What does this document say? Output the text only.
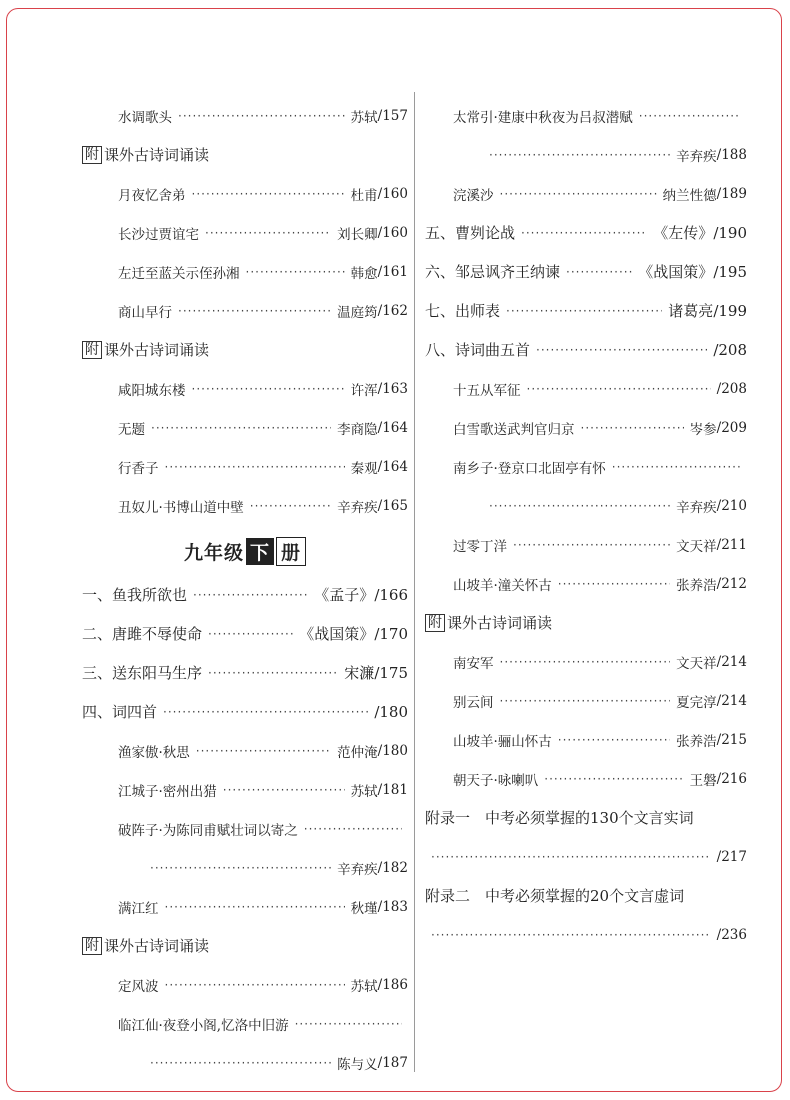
水调歌头 ·····	苏轼 /157
附 课外古诗词诵读
月夜忆舍弟 ·····	杜甫 /160
长沙过贾谊宅 ·····	刘长卿 /160
左迁至蓝关示侄孙湘 ·····	韩愈 /161
商山早行 ·····	温庭筠 /162
附 课外古诗词诵读
咸阳城东楼 ·····	许浑 /163
无题 ·····	李商隐 /164
行香子 ·····	秦观 /164
丑奴儿·书博山道中壁 ·····	辛弃疾 /165
九年级 下 册
一、鱼我所欲也 ·····	《孟子》 /166
二、唐雎不辱使命 ·····	《战国策》 /170
三、送东阳马生序 ·····	宋濂 /175
四、词四首 ·····	/180
渔家傲·秋思 ·····	范仲淹 /180
江城子·密州出猎 ·····	苏轼 /181
破阵子·为陈同甫赋壮词以寄之
·····
·····
辛弃疾 /182
满江红 ·····	秋瑾 /183
附 课外古诗词诵读
定风波 ·····	苏轼 /186
临江仙·夜登小阁,忆洛中旧游
·····
·····
陈与义 /187
太常引·建康中秋夜为吕叔潜赋
·····
·····
辛弃疾 /188
浣溪沙 ·····	纳兰性德 /189
五、曹刿论战 ·····	《左传》 /190
六、邹忌讽齐王纳谏 ·····	《战国策》 /195
七、出师表 ·····	诸葛亮 /199
八、诗词曲五首 ·····	/208
十五从军征 ·····	/208
白雪歌送武判官归京 ·····	岑参 /209
南乡子·登京口北固亭有怀
·····
·····
辛弃疾 /210
过零丁洋 ·····	文天祥 /211
山坡羊·潼关怀古 ·····	张养浩 /212
附 课外古诗词诵读
南安军 ·····	文天祥 /214
别云间 ·····	夏完淳 /214
山坡羊·骊山怀古 ·····	张养浩 /215
朝天子·咏喇叭 ·····	王磐 /216
附录一　中考必须掌握的130个文言实词
·····
/217
附录二　中考必须掌握的20个文言虚词
·····
/236
